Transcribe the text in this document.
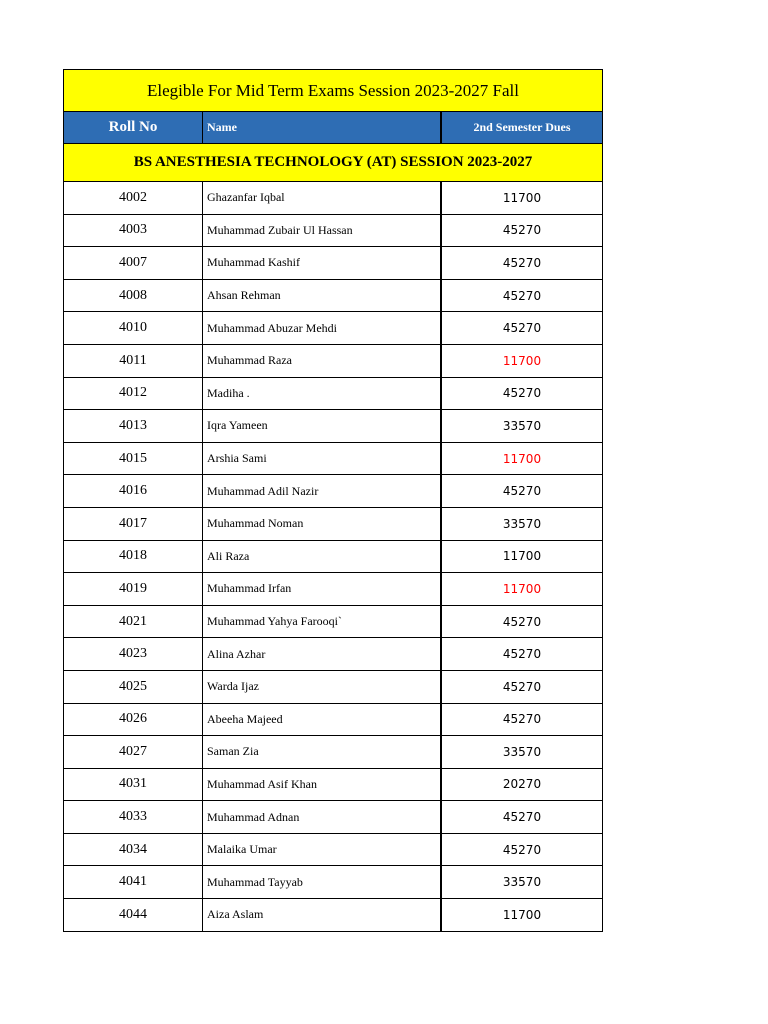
Elegible For Mid Term Exams Session 2023-2027 Fall
Roll No	Name	2nd Semester Dues
BS ANESTHESIA TECHNOLOGY (AT) SESSION 2023-2027
4002	Ghazanfar Iqbal	11700
4003	Muhammad Zubair Ul Hassan	45270
4007	Muhammad Kashif	45270
4008	Ahsan Rehman	45270
4010	Muhammad Abuzar Mehdi	45270
4011	Muhammad Raza	11700
4012	Madiha .	45270
4013	Iqra Yameen	33570
4015	Arshia Sami	11700
4016	Muhammad Adil Nazir	45270
4017	Muhammad Noman	33570
4018	Ali Raza	11700
4019	Muhammad Irfan	11700
4021	Muhammad Yahya Farooqi`	45270
4023	Alina Azhar	45270
4025	Warda Ijaz	45270
4026	Abeeha Majeed	45270
4027	Saman Zia	33570
4031	Muhammad Asif Khan	20270
4033	Muhammad Adnan	45270
4034	Malaika Umar	45270
4041	Muhammad Tayyab	33570
4044	Aiza Aslam	11700
